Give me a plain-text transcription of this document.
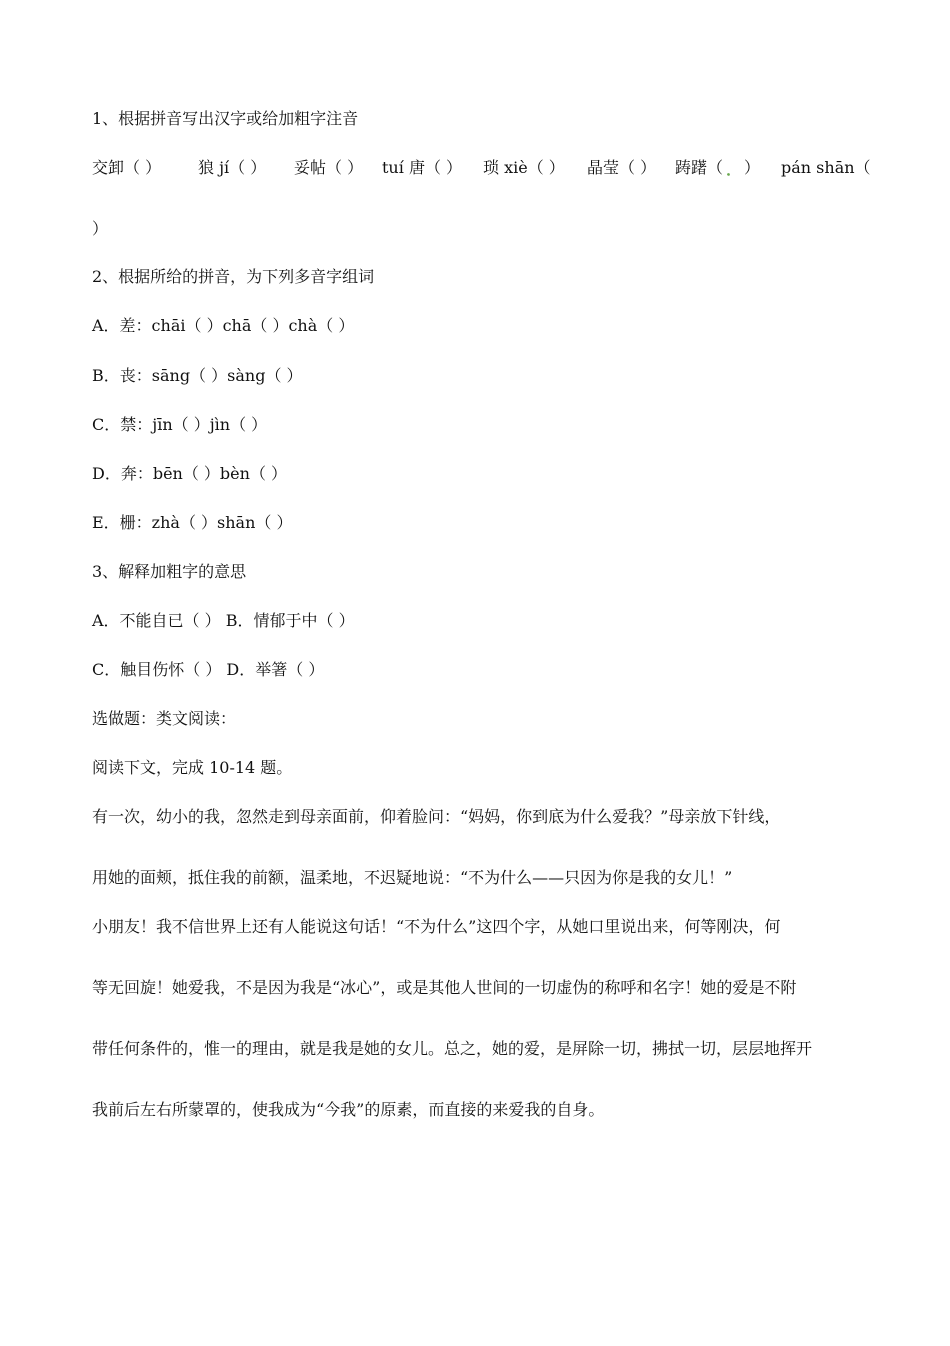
1、根据拼音写出汉字或给加粗字注音
交卸（ ） 狼 jí（ ） 妥帖（ ） tuí 唐（ ） 琐 xiè（ ） 晶莹（ ） 踌躇（ ． ） pán shān（
）
2、根据所给的拼音，为下列多音字组词
A．差：chāi（ ）chā（ ）chà（ ）
B．丧：sāng（ ）sàng（ ）
C．禁：jīn（ ）jìn（ ）
D．奔：bēn（ ）bèn（ ）
E．栅：zhà（ ）shān（ ）
3、解释加粗字的意思
A．不能自已（ ） B．情郁于中（ ）
C．触目伤怀（ ） D．举箸（ ）
选做题：类文阅读：
阅读下文，完成 10-14 题。
有一次，幼小的我，忽然走到母亲面前，仰着脸问：“妈妈，你到底为什么爱我？”母亲放下针线，
用她的面颊，抵住我的前额，温柔地，不迟疑地说：“不为什么——只因为你是我的女儿！”
小朋友！我不信世界上还有人能说这句话！“不为什么”这四个字，从她口里说出来，何等刚决，何
等无回旋！她爱我，不是因为我是“冰心”，或是其他人世间的一切虚伪的称呼和名字！她的爱是不附
带任何条件的，惟一的理由，就是我是她的女儿。总之，她的爱，是屏除一切，拂拭一切，层层地挥开
我前后左右所蒙罩的，使我成为“今我”的原素，而直接的来爱我的自身。
